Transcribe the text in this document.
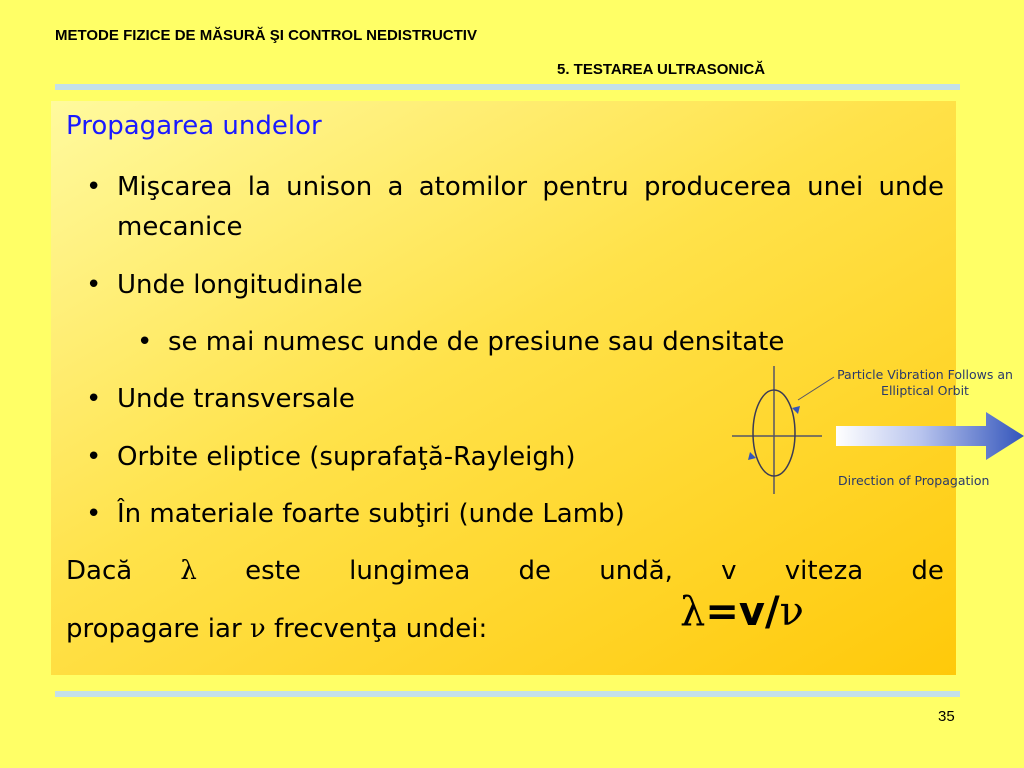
METODE FIZICE DE MĂSURĂ ŞI CONTROL NEDISTRUCTIV
5. TESTAREA ULTRASONICĂ
Propagarea undelor
• Mişcarea la unison a atomilor pentru producerea unei unde mecanice
• Unde longitudinale
• se mai numesc unde de presiune sau densitate
• Unde transversale
• Orbite eliptice (suprafaţă-Rayleigh)
• În materiale foarte subţiri (unde Lamb)
Dacă λ este lungimea de undă, v viteza de
propagare iar ν frecvenţa undei:	λ=v/ν
Particle Vibration Follows an Elliptical Orbit
Direction of Propagation
35
